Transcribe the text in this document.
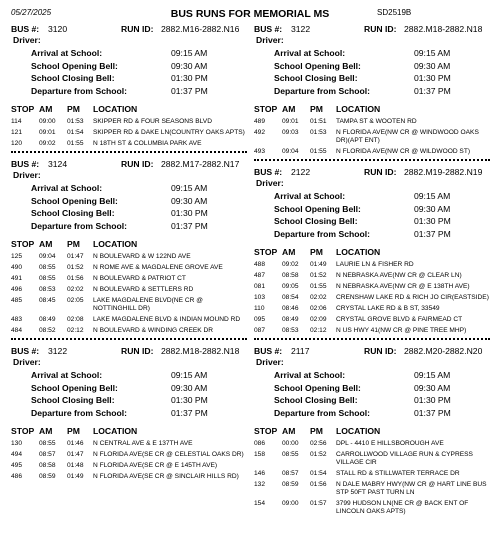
05/27/2025	BUS RUNS FOR MEMORIAL MS	SD2519B
BUS #: 3120	RUN ID: 2882.M16-2882.N16
Driver:
Arrival at School:	09:15 AM
School Opening Bell:	09:30 AM
School Closing Bell:	01:30 PM
Departure from School:	01:37 PM
STOP AM	PM	LOCATION
114	09:00	01:53	SKIPPER RD & FOUR SEASONS BLVD
121	09:01	01:54	SKIPPER RD & DAKE LN(COUNTRY OAKS APTS)
120	09:02	01:55	N 18TH ST & COLUMBIA PARK AVE
BUS #: 3124	RUN ID: 2882.M17-2882.N17
Driver:
Arrival at School:	09:15 AM
School Opening Bell:	09:30 AM
School Closing Bell:	01:30 PM
Departure from School:	01:37 PM
STOP AM	PM	LOCATION
125	09:04	01:47	N BOULEVARD & W 122ND AVE
490	08:55	01:52	N ROME AVE & MAGDALENE GROVE AVE
491	08:55	01:56	N BOULEVARD & PATRIOT CT
496	08:53	02:02	N BOULEVARD & SETTLERS RD
485	08:45	02:05	LAKE MAGDALENE BLVD(NE CR @ NOTTINGHILL DR)
483	08:49	02:08	LAKE MAGDALENE BLVD & INDIAN MOUND RD
484	08:52	02:12	N BOULEVARD & WINDING CREEK DR
BUS #: 3122	RUN ID: 2882.M18-2882.N18
Driver:
Arrival at School:	09:15 AM
School Opening Bell:	09:30 AM
School Closing Bell:	01:30 PM
Departure from School:	01:37 PM
STOP AM	PM	LOCATION
130	08:55	01:46	N CENTRAL AVE & E 137TH AVE
494	08:57	01:47	N FLORIDA AVE(SE CR @ CELESTIAL OAKS DR)
495	08:58	01:48	N FLORIDA AVE(SE CR @ E 145TH AVE)
486	08:59	01:49	N FLORIDA AVE(SE CR @ SINCLAIR HILLS RD)
BUS #: 3122	RUN ID: 2882.M18-2882.N18
Driver:
Arrival at School:	09:15 AM
School Opening Bell:	09:30 AM
School Closing Bell:	01:30 PM
Departure from School:	01:37 PM
STOP AM	PM	LOCATION
489	09:01	01:51	TAMPA ST & WOOTEN RD
492	09:03	01:53	N FLORIDA AVE(NW CR @ WINDWOOD OAKS DR)(APT ENT)
493	09:04	01:55	N FLORIDA AVE(NW CR @ WILDWOOD ST)
BUS #: 2122	RUN ID: 2882.M19-2882.N19
Driver:
Arrival at School:	09:15 AM
School Opening Bell:	09:30 AM
School Closing Bell:	01:30 PM
Departure from School:	01:37 PM
STOP AM	PM	LOCATION
488	09:02	01:49	LAURIE LN & FISHER RD
487	08:58	01:52	N NEBRASKA AVE(NW CR @ CLEAR LN)
081	09:05	01:55	N NEBRASKA AVE(NW CR @ E 138TH AVE)
103	08:54	02:02	CRENSHAW LAKE RD & RICH JO CIR(EASTSIDE)
110	08:46	02:06	CRYSTAL LAKE RD & B ST, 33549
095	08:49	02:09	CRYSTAL GROVE BLVD & FAIRMEAD CT
087	08:53	02:12	N US HWY 41(NW CR @ PINE TREE MHP)
BUS #: 2117	RUN ID: 2882.M20-2882.N20
Driver:
Arrival at School:	09:15 AM
School Opening Bell:	09:30 AM
School Closing Bell:	01:30 PM
Departure from School:	01:37 PM
STOP AM	PM	LOCATION
086	00:00	02:56	DPL - 4410 E HILLSBOROUGH AVE
158	08:55	01:52	CARROLLWOOD VILLAGE RUN & CYPRESS VILLAGE CIR
146	08:57	01:54	STALL RD & STILLWATER TERRACE DR
132	08:59	01:56	N DALE MABRY HWY(NW CR @ HART LINE BUS STP 50FT PAST TURN LN
154	09:00	01:57	3799 HUDSON LN(NE CR @ BACK ENT OF LINCOLN OAKS APTS)
